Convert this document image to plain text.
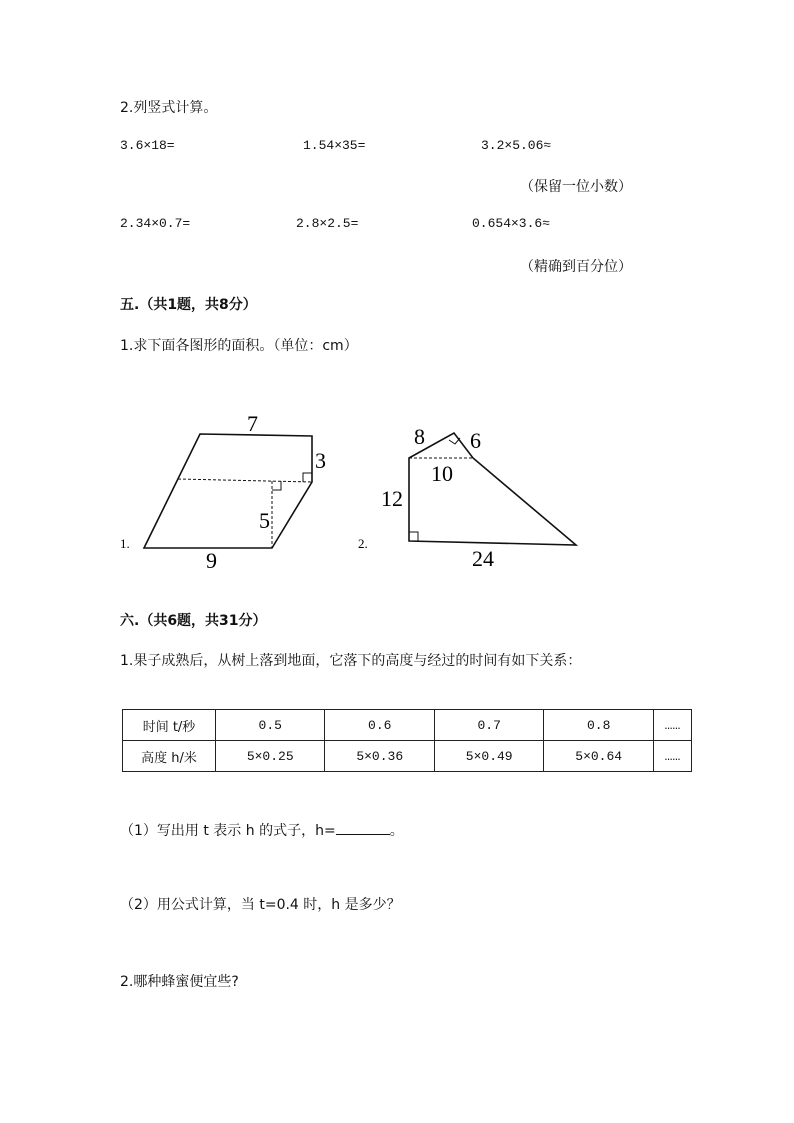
2.列竖式计算。
3.6×18=	1.54×35=	3.2×5.06≈
（保留一位小数）
2.34×0.7=	2.8×2.5=	0.654×3.6≈
（精确到百分位）
五.（共1题，共8分）
1.求下面各图形的面积。（单位：cm）
7
3
5
9
1.
8 6
10
12
24
2.
六.（共6题，共31分）
1.果子成熟后，从树上落到地面，它落下的高度与经过的时间有如下关系：
时间 t/秒	0.5	0.6	0.7	0.8	……
高度 h/米	5×0.25	5×0.36	5×0.49	5×0.64	……
（1）写出用 t 表示 h 的式子，h=	。
（2）用公式计算，当 t=0.4 时，h 是多少？
2.哪种蜂蜜便宜些?
